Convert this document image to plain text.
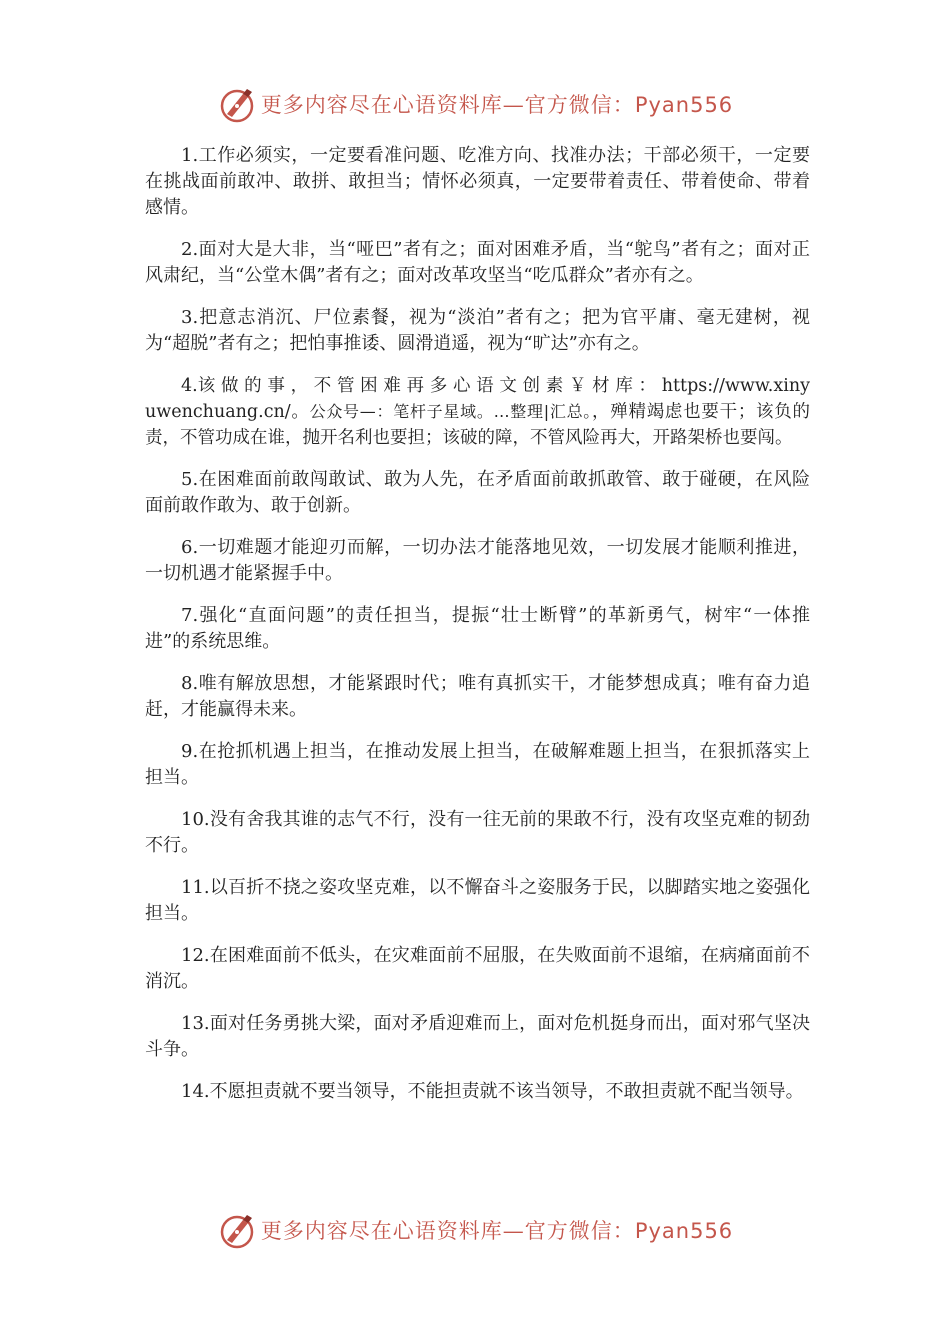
更多内容尽在心语资料库—官方微信：Pyan556

1.工作必须实，一定要看准问题、吃准方向、找准办法；干部必须干，一定要在挑战面前敢冲、敢拼、敢担当；情怀必须真，一定要带着责任、带着使命、带着感情。

2.面对大是大非，当“哑巴”者有之；面对困难矛盾，当“鸵鸟”者有之；面对正风肃纪，当“公堂木偶”者有之；面对改革攻坚当“吃瓜群众”者亦有之。

3.把意志消沉、尸位素餐，视为“淡泊”者有之；把为官平庸、毫无建树，视为“超脱”者有之；把怕事推诿、圆滑逍遥，视为“旷达”亦有之。

4.该 做 的 事 ， 不 管 困 难 再 多 心 语 文 创 素 ￥ 材 库 ： https://www.xinyuwenchuang.cn/。公众号—：笔杆子星域。…整理|汇总。，殚精竭虑也要干；该负的责，不管功成在谁，抛开名利也要担；该破的障，不管风险再大，开路架桥也要闯。

5.在困难面前敢闯敢试、敢为人先，在矛盾面前敢抓敢管、敢于碰硬，在风险面前敢作敢为、敢于创新。

6.一切难题才能迎刃而解，一切办法才能落地见效，一切发展才能顺利推进，一切机遇才能紧握手中。

7.强化“直面问题”的责任担当，提振“壮士断臂”的革新勇气，树牢“一体推进”的系统思维。

8.唯有解放思想，才能紧跟时代；唯有真抓实干，才能梦想成真；唯有奋力追赶，才能赢得未来。

9.在抢抓机遇上担当，在推动发展上担当，在破解难题上担当，在狠抓落实上担当。

10.没有舍我其谁的志气不行，没有一往无前的果敢不行，没有攻坚克难的韧劲不行。

11.以百折不挠之姿攻坚克难，以不懈奋斗之姿服务于民，以脚踏实地之姿强化担当。

12.在困难面前不低头，在灾难面前不屈服，在失败面前不退缩，在病痛面前不消沉。

13.面对任务勇挑大梁，面对矛盾迎难而上，面对危机挺身而出，面对邪气坚决斗争。

14.不愿担责就不要当领导，不能担责就不该当领导，不敢担责就不配当领导。

更多内容尽在心语资料库—官方微信：Pyan556
